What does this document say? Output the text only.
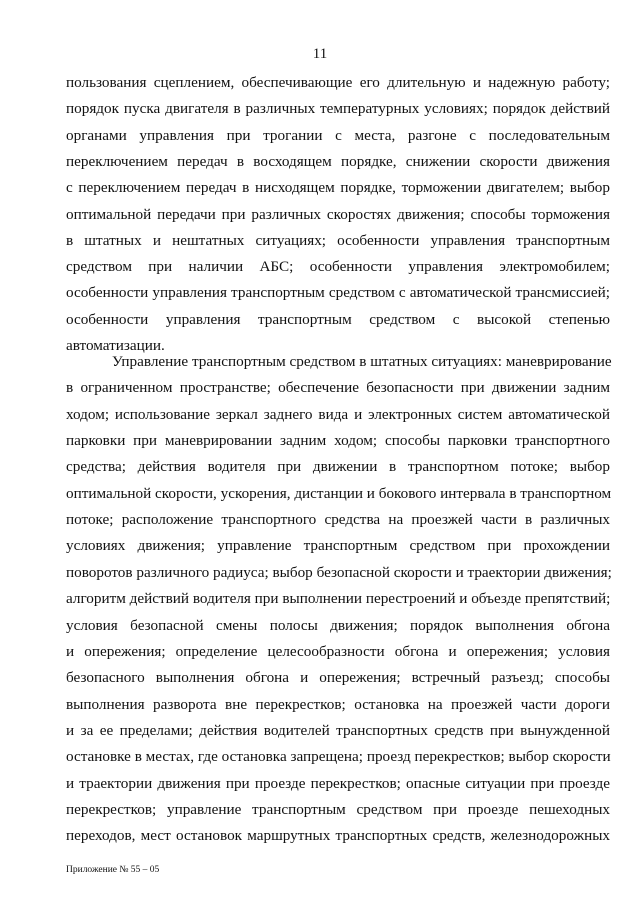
11
пользования сцеплением, обеспечивающие его длительную и надежную работу;
порядок пуска двигателя в различных температурных условиях; порядок действий
органами управления при трогании с места, разгоне с последовательным
переключением передач в восходящем порядке, снижении скорости движения
с переключением передач в нисходящем порядке, торможении двигателем; выбор
оптимальной передачи при различных скоростях движения; способы торможения
в штатных и нештатных ситуациях; особенности управления транспортным
средством при наличии АБС; особенности управления электромобилем;
особенности управления транспортным средством с автоматической трансмиссией;
особенности управления транспортным средством с высокой степенью
автоматизации.
Управление транспортным средством в штатных ситуациях: маневрирование
в ограниченном пространстве; обеспечение безопасности при движении задним
ходом; использование зеркал заднего вида и электронных систем автоматической
парковки при маневрировании задним ходом; способы парковки транспортного
средства; действия водителя при движении в транспортном потоке; выбор
оптимальной скорости, ускорения, дистанции и бокового интервала в транспортном
потоке; расположение транспортного средства на проезжей части в различных
условиях движения; управление транспортным средством при прохождении
поворотов различного радиуса; выбор безопасной скорости и траектории движения;
алгоритм действий водителя при выполнении перестроений и объезде препятствий;
условия безопасной смены полосы движения; порядок выполнения обгона
и опережения; определение целесообразности обгона и опережения; условия
безопасного выполнения обгона и опережения; встречный разъезд; способы
выполнения разворота вне перекрестков; остановка на проезжей части дороги
и за ее пределами; действия водителей транспортных средств при вынужденной
остановке в местах, где остановка запрещена; проезд перекрестков; выбор скорости
и траектории движения при проезде перекрестков; опасные ситуации при проезде
перекрестков; управление транспортным средством при проезде пешеходных
переходов, мест остановок маршрутных транспортных средств, железнодорожных
Приложение № 55 – 05
